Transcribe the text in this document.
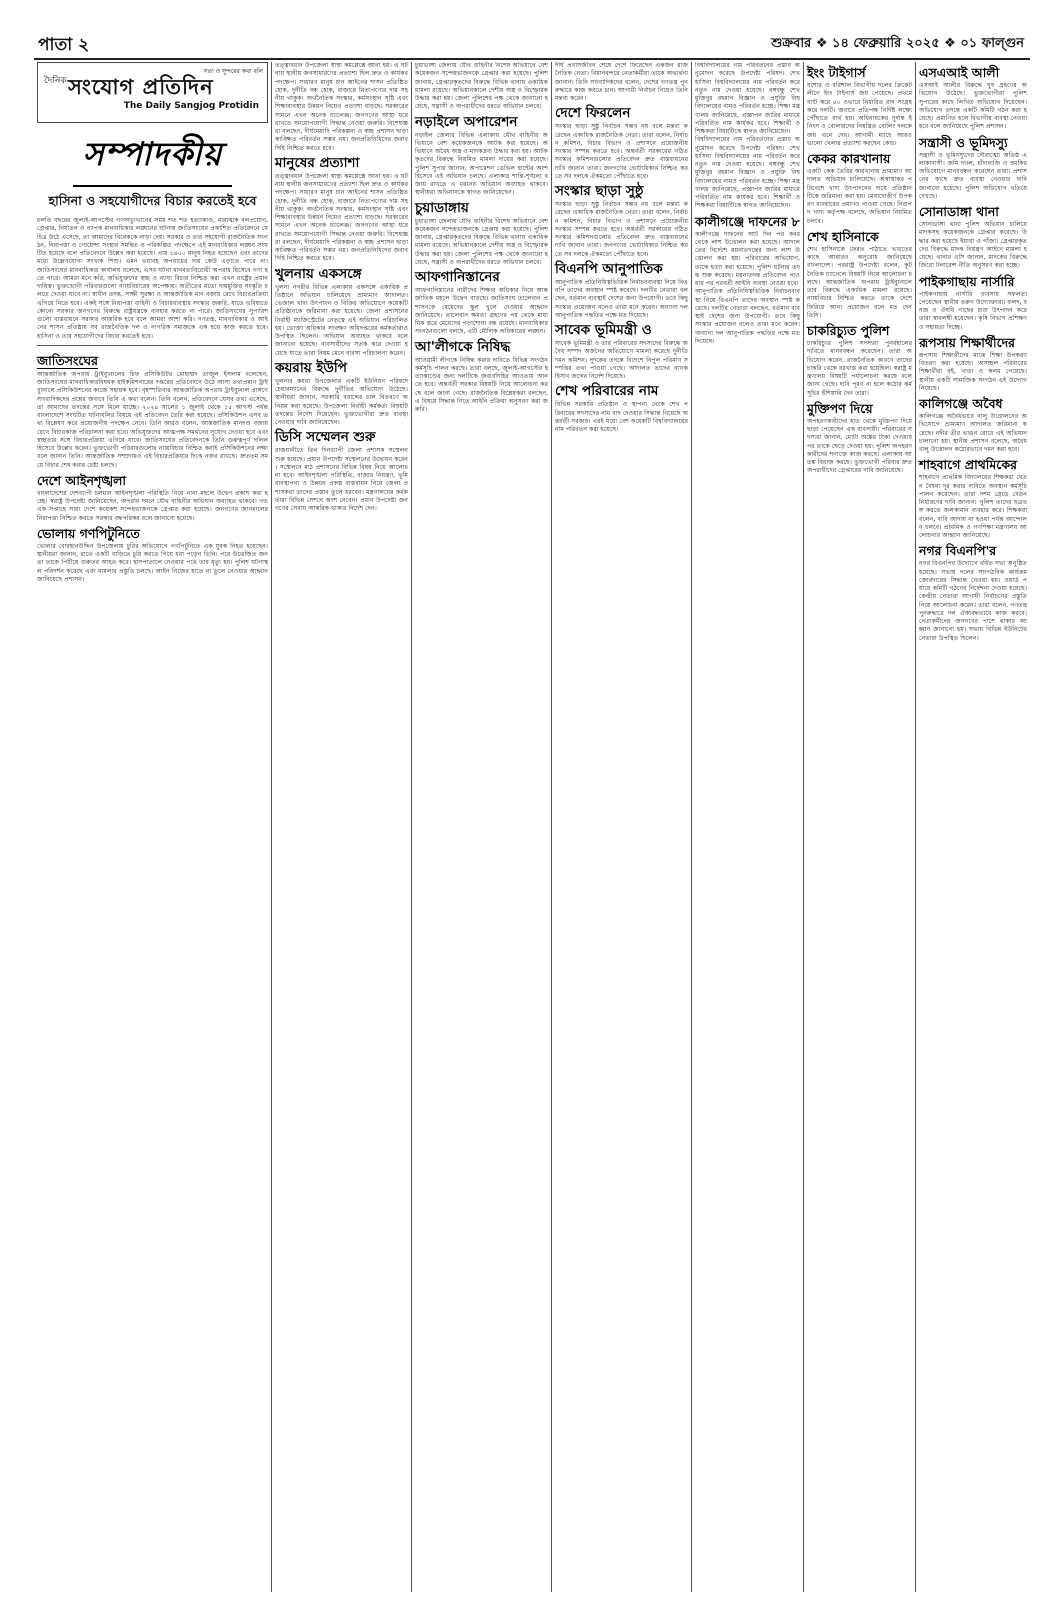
পাতা ২	শুক্রবার ❖ ১৪ ফেব্রুয়ারি ২০২৫ ❖ ০১ ফাল্গুন
সত্য ও সুন্দরের কথা বলি
দৈনিক সংযোগ প্রতিদিন
The Daily Sangjog Protidin
সম্পাদকীয়
হাসিনা ও সহযোগীদের বিচার করতেই হবে
চলতি বছরের জুলাই-আগস্টের গণঅভ্যুত্থানের সময় শত শত হত্যাকাণ্ড, মারাত্মক বলপ্রয়োগ, গ্রেপ্তার, নির্যাতন ও ব্যাপক মানবাধিকার লঙ্ঘনের ঘটনায় জাতিসংঘের প্রকাশিত প্রতিবেদনে যে চিত্র উঠে এসেছে, তা আমাদের বিবেককে নাড়া দেয়। সরকার ও তার সহযোগী রাজনৈতিক সংগঠন, নিরাপত্তা ও গোয়েন্দা সংস্থার সমন্বিত ও পরিকল্পিত পদক্ষেপে এই মানবাধিকার লঙ্ঘন সংঘটিত হয়েছে বলে প্রতিবেদনে উল্লেখ করা হয়েছে। প্রায় ১৪০০ মানুষ নিহত হয়েছেন এবং তাদের মধ্যে উল্লেখযোগ্য সংখ্যক শিশু। এমন ভয়াবহ অপরাধের দায় কেউ এড়াতে পারে না। জাতিসংঘের মানবাধিকার কার্যালয় বলেছে, এসব ঘটনা মানবতাবিরোধী অপরাধ হিসেবে গণ্য হতে পারে। আমরা মনে করি, অভিযুক্তদের স্বচ্ছ ও ন্যায্য বিচার নিশ্চিত করা এখন রাষ্ট্রের প্রধান দায়িত্ব। ভুক্তভোগী পরিবারগুলো ন্যায়বিচারের অপেক্ষায়। অতীতের মতো দায়মুক্তির সংস্কৃতি চলতে দেওয়া যাবে না। স্বাধীন তদন্ত, সাক্ষী সুরক্ষা ও আন্তর্জাতিক মান বজায় রেখে বিচারপ্রক্রিয়া এগিয়ে নিতে হবে। একই সঙ্গে নিরাপত্তা বাহিনী ও বিচারব্যবস্থার সংস্কার জরুরি, যাতে ভবিষ্যতে কোনো সরকার জনগণের বিরুদ্ধে রাষ্ট্রযন্ত্রকে ব্যবহার করতে না পারে। জাতিসংঘের সুপারিশগুলো বাস্তবায়নে সরকার আন্তরিক হবে বলে আমরা আশা করি। গণতন্ত্র, মানবাধিকার ও আইনের শাসন প্রতিষ্ঠায় সব রাজনৈতিক দল ও নাগরিক সমাজকে এক হয়ে কাজ করতে হবে। হাসিনা ও তার সহযোগীদের বিচার করতেই হবে।
জাতিসংঘের
আন্তর্জাতিক অপরাধ ট্রাইব্যুনালের চিফ প্রসিকিউটর মোহাম্মদ তাজুল ইসলাম বলেছেন, জাতিসংঘের মানবাধিকারবিষয়ক হাইকমিশনারের দপ্তরের প্রতিবেদনে উঠে আসা তথ্যপ্রমাণ ট্রাইব্যুনালে প্রসিকিউশনের কাজে সহায়ক হবে। বৃহস্পতিবার আন্তর্জাতিক অপরাধ ট্রাইব্যুনাল প্রাঙ্গণে সাংবাদিকদের প্রশ্নের জবাবে তিনি এ কথা বলেন। তিনি বলেন, প্রতিবেদনে যেসব তথ্য এসেছে, তা আমাদের তদন্তের সঙ্গে মিলে যাচ্ছে। ২০২৪ সালের ১ জুলাই থেকে ১৫ আগস্ট পর্যন্ত বাংলাদেশে সংঘটিত ঘটনাবলির বিষয়ে এই প্রতিবেদন তৈরি করা হয়েছে। প্রসিকিউশন এসব তথ্য বিশ্লেষণ করে প্রয়োজনীয় পদক্ষেপ নেবে। তিনি আরও বলেন, আন্তর্জাতিক মানদণ্ড বজায় রেখে বিচারকাজ পরিচালনা করা হবে। অভিযুক্তদের আত্মপক্ষ সমর্থনের সুযোগ দেওয়া হবে এবং স্বচ্ছতার সঙ্গে বিচারপ্রক্রিয়া এগিয়ে যাবে। জাতিসংঘের প্রতিবেদনকে তিনি গুরুত্বপূর্ণ দলিল হিসেবে উল্লেখ করেন। ভুক্তভোগী পরিবারগুলোর ন্যায়বিচার নিশ্চিত করাই প্রসিকিউশনের লক্ষ্য বলে জানান তিনি। আন্তর্জাতিক সম্প্রদায়ও এই বিচারপ্রক্রিয়ার দিকে নজর রাখছে। দ্রুততম সময়ে বিচার শেষ করার চেষ্টা চলছে।
দেশে আইনশৃঙ্খলা
বাংলাদেশের দেশব্যাপী চলমান আইনশৃঙ্খলা পরিস্থিতি নিয়ে নানা মহলে উদ্বেগ প্রকাশ করা হচ্ছে। স্বরাষ্ট্র উপদেষ্টা জানিয়েছেন, অপরাধ দমনে যৌথ বাহিনীর অভিযান অব্যাহত থাকবে। গত এক সপ্তাহে সারা দেশে কয়েকশ সন্দেহভাজনকে গ্রেপ্তার করা হয়েছে। জনগণের জানমালের নিরাপত্তা নিশ্চিত করতে সরকার বদ্ধপরিকর বলে জানানো হয়েছে।
ভোলায় গণপিটুনিতে
ভোলার বোরহানউদ্দিন উপজেলায় চুরির অভিযোগে গণপিটুনিতে এক যুবক নিহত হয়েছেন। স্থানীয়রা জানান, রাতে একটি বাড়িতে চুরি করতে গিয়ে ধরা পড়েন তিনি। পরে উত্তেজিত জনতা তাকে পিটিয়ে গুরুতর আহত করে। হাসপাতালে নেওয়ার পথে তার মৃত্যু হয়। পুলিশ ঘটনাস্থল পরিদর্শন করেছে এবং মামলার প্রস্তুতি চলছে। আইন নিজের হাতে না তুলে নেওয়ার আহ্বান জানিয়েছে প্রশাসন।
তত্ত্বাবধান উপজেলা স্বাস্থ্য কমপ্লেক্সে আনা হয়। এ ঘটনায় স্থানীয় জনসাধারণের প্রত্যাশা ছিল দ্রুত ও কার্যকর পদক্ষেপ। সাধারণ মানুষ চান আইনের শাসন প্রতিষ্ঠিত হোক, দুর্নীতি বন্ধ হোক, বাজারে নিত্যপণ্যের দাম সহনীয় থাকুক। অর্থনৈতিক সংস্কার, কর্মসংস্থান সৃষ্টি এবং শিক্ষাব্যবস্থার উন্নয়ন নিয়েও প্রত্যাশা বাড়ছে। সরকারের সামনে এখন অনেক চ্যালেঞ্জ। জনগণের আস্থা ধরে রাখতে সময়োপযোগী সিদ্ধান্ত নেওয়া জরুরি। বিশেষজ্ঞরা বলছেন, দীর্ঘমেয়াদি পরিকল্পনা ও স্বচ্ছ প্রশাসন ছাড়া কাঙ্ক্ষিত পরিবর্তন সম্ভব নয়। জনপ্রতিনিধিদের জবাবদিহি নিশ্চিত করতে হবে।
মানুষের প্রত্যাশা
তত্ত্বাবধান উপজেলা স্বাস্থ্য কমপ্লেক্সে আনা হয়। এ ঘটনায় স্থানীয় জনসাধারণের প্রত্যাশা ছিল দ্রুত ও কার্যকর পদক্ষেপ। সাধারণ মানুষ চান আইনের শাসন প্রতিষ্ঠিত হোক, দুর্নীতি বন্ধ হোক, বাজারে নিত্যপণ্যের দাম সহনীয় থাকুক। অর্থনৈতিক সংস্কার, কর্মসংস্থান সৃষ্টি এবং শিক্ষাব্যবস্থার উন্নয়ন নিয়েও প্রত্যাশা বাড়ছে। সরকারের সামনে এখন অনেক চ্যালেঞ্জ। জনগণের আস্থা ধরে রাখতে সময়োপযোগী সিদ্ধান্ত নেওয়া জরুরি। বিশেষজ্ঞরা বলছেন, দীর্ঘমেয়াদি পরিকল্পনা ও স্বচ্ছ প্রশাসন ছাড়া কাঙ্ক্ষিত পরিবর্তন সম্ভব নয়। জনপ্রতিনিধিদের জবাবদিহি নিশ্চিত করতে হবে।
খুলনায় একসঙ্গে
খুলনা নগরীর বিভিন্ন এলাকায় একসঙ্গে একাধিক প্রতিষ্ঠানে অভিযান চালিয়েছে ভ্রাম্যমাণ আদালত। ভেজাল খাদ্য উৎপাদন ও বিক্রির অভিযোগে কয়েকটি প্রতিষ্ঠানকে জরিমানা করা হয়েছে। জেলা প্রশাসনের নির্বাহী ম্যাজিস্ট্রেটের নেতৃত্বে এই অভিযান পরিচালিত হয়। ভোক্তা অধিকার সংরক্ষণ অধিদপ্তরের কর্মকর্তারাও উপস্থিত ছিলেন। অভিযান অব্যাহত থাকবে বলে জানানো হয়েছে। ব্যবসায়ীদের সতর্ক করে দেওয়া হয়েছে যাতে তারা নিয়ম মেনে ব্যবসা পরিচালনা করেন।
কয়রায় ইউপি
খুলনার কয়রা উপজেলার একটি ইউনিয়ন পরিষদে চেয়ারম্যানের বিরুদ্ধে দুর্নীতির অভিযোগ উঠেছে। স্থানীয়রা জানান, সরকারি বরাদ্দের চাল বিতরণে অনিয়ম করা হয়েছে। উপজেলা নির্বাহী কর্মকর্তা বিষয়টি তদন্তের নির্দেশ দিয়েছেন। ভুক্তভোগীরা দ্রুত ব্যবস্থা নেওয়ার দাবি জানিয়েছেন।
ডিসি সম্মেলন শুরু
রাজধানীতে তিন দিনব্যাপী জেলা প্রশাসক সম্মেলন শুরু হয়েছে। প্রধান উপদেষ্টা সম্মেলনের উদ্বোধন করেন। সম্মেলনে মাঠ প্রশাসনের বিভিন্ন বিষয় নিয়ে আলোচনা হবে। আইনশৃঙ্খলা পরিস্থিতি, বাজার নিয়ন্ত্রণ, ভূমি ব্যবস্থাপনা ও উন্নয়ন প্রকল্প বাস্তবায়ন নিয়ে জেলা প্রশাসকরা তাদের প্রস্তাব তুলে ধরবেন। মন্ত্রণালয়ের কর্মকর্তারা বিভিন্ন সেশনে অংশ নেবেন। প্রধান উপদেষ্টা জনগণের সেবায় আন্তরিক থাকার নির্দেশ দেন।
চুয়াডাঙ্গা জেলায় যৌথ বাহিনীর বিশেষ অভিযানে বেশ কয়েকজন সন্দেহভাজনকে গ্রেপ্তার করা হয়েছে। পুলিশ জানায়, গ্রেপ্তারকৃতদের বিরুদ্ধে বিভিন্ন থানায় একাধিক মামলা রয়েছে। অভিযানকালে দেশীয় অস্ত্র ও বিস্ফোরক উদ্ধার করা হয়। জেলা পুলিশের পক্ষ থেকে জানানো হয়েছে, সন্ত্রাসী ও অপরাধীদের ধরতে অভিযান চলবে।
নড়াইলে অপারেশন
নড়াইল জেলার বিভিন্ন এলাকায় যৌথ বাহিনীর অভিযানে বেশ কয়েকজনকে আটক করা হয়েছে। অভিযানে অবৈধ অস্ত্র ও মাদকদ্রব্য উদ্ধার করা হয়। আটককৃতদের বিরুদ্ধে নিয়মিত মামলা দায়ের করা হয়েছে। পুলিশ সুপার জানান, অপারেশন ডেভিল হান্টের অংশ হিসেবে এই অভিযান চলছে। এলাকার শান্তি-শৃঙ্খলা বজায় রাখতে এ ধরনের অভিযান অব্যাহত থাকবে। স্থানীয়রা অভিযানকে স্বাগত জানিয়েছেন।
চুয়াডাঙ্গায়
চুয়াডাঙ্গা জেলায় যৌথ বাহিনীর বিশেষ অভিযানে বেশ কয়েকজন সন্দেহভাজনকে গ্রেপ্তার করা হয়েছে। পুলিশ জানায়, গ্রেপ্তারকৃতদের বিরুদ্ধে বিভিন্ন থানায় একাধিক মামলা রয়েছে। অভিযানকালে দেশীয় অস্ত্র ও বিস্ফোরক উদ্ধার করা হয়। জেলা পুলিশের পক্ষ থেকে জানানো হয়েছে, সন্ত্রাসী ও অপরাধীদের ধরতে অভিযান চলবে।
আফগানিস্তানের
আফগানিস্তানের নারীদের শিক্ষার অধিকার নিয়ে আন্তর্জাতিক মহলে উদ্বেগ বাড়ছে। জাতিসংঘ তালেবান প্রশাসনকে মেয়েদের স্কুল খুলে দেওয়ার আহ্বান জানিয়েছে। তালেবান ক্ষমতা গ্রহণের পর থেকে মাধ্যমিক স্তরে মেয়েদের পড়াশোনা বন্ধ রয়েছে। মানবাধিকার সংগঠনগুলো বলছে, এটি মৌলিক অধিকারের লঙ্ঘন।
আ'লীগকে নিষিদ্ধ
আওয়ামী লীগকে নিষিদ্ধ করার দাবিতে বিভিন্ন সংগঠন কর্মসূচি পালন করছে। তারা বলছে, জুলাই-আগস্টের হত্যাকাণ্ডের জন্য দলটিকে জবাবদিহির আওতায় আনতে হবে। অন্তর্বর্তী সরকার বিষয়টি নিয়ে আলোচনা করছে বলে জানা গেছে। রাজনৈতিক বিশ্লেষকরা বলছেন, এ বিষয়ে সিদ্ধান্ত নিতে আইনি প্রক্রিয়া অনুসরণ করা জরুরি।
দীর্ঘ প্রবাসজীবন শেষে দেশে ফিরেছেন একজন রাজনৈতিক নেতা। বিমানবন্দরে নেতাকর্মীরা তাকে অভ্যর্থনা জানান। তিনি সাংবাদিকদের বলেন, দেশের গণতন্ত্র পুনরুদ্ধারে কাজ করতে চান। আগামী নির্বাচন নিয়েও তিনি মন্তব্য করেন।
দেশে ফিরলেন
সংস্কার ছাড়া সুষ্ঠু নির্বাচন সম্ভব নয় বলে মন্তব্য করেছেন একাধিক রাজনৈতিক নেতা। তারা বলেন, নির্বাচন কমিশন, বিচার বিভাগ ও প্রশাসনে প্রয়োজনীয় সংস্কার সম্পন্ন করতে হবে। অন্তর্বর্তী সরকারের গঠিত সংস্কার কমিশনগুলোর প্রতিবেদন দ্রুত বাস্তবায়নের দাবি জানান তারা। জনগণের ভোটাধিকার নিশ্চিত করতে সব দলকে ঐকমত্যে পৌঁছাতে হবে।
সংস্কার ছাড়া সুষ্ঠু
সংস্কার ছাড়া সুষ্ঠু নির্বাচন সম্ভব নয় বলে মন্তব্য করেছেন একাধিক রাজনৈতিক নেতা। তারা বলেন, নির্বাচন কমিশন, বিচার বিভাগ ও প্রশাসনে প্রয়োজনীয় সংস্কার সম্পন্ন করতে হবে। অন্তর্বর্তী সরকারের গঠিত সংস্কার কমিশনগুলোর প্রতিবেদন দ্রুত বাস্তবায়নের দাবি জানান তারা। জনগণের ভোটাধিকার নিশ্চিত করতে সব দলকে ঐকমত্যে পৌঁছাতে হবে।
বিএনপি আনুপাতিক
আনুপাতিক প্রতিনিধিত্বভিত্তিক নির্বাচনব্যবস্থা নিয়ে বিএনপি তাদের অবস্থান স্পষ্ট করেছে। দলটির নেতারা বলছেন, বর্তমান ব্যবস্থাই দেশের জন্য উপযোগী। তবে কিছু সংস্কার প্রয়োজন বলেও তারা মনে করেন। অন্যান্য দল আনুপাতিক পদ্ধতির পক্ষে মত দিয়েছে।
সাবেক ভূমিমন্ত্রী ও
সাবেক ভূমিমন্ত্রী ও তার পরিবারের সদস্যদের বিরুদ্ধে অবৈধ সম্পদ অর্জনের অভিযোগে মামলা করেছে দুর্নীতি দমন কমিশন। দুদকের তদন্তে বিদেশে বিপুল পরিমাণ সম্পত্তির তথ্য পাওয়া গেছে। আদালত তাদের ব্যাংক হিসাব জব্দের নির্দেশ দিয়েছে।
শেখ পরিবারের নাম
বিভিন্ন সরকারি প্রতিষ্ঠান ও স্থাপনা থেকে শেখ পরিবারের সদস্যদের নাম বাদ দেওয়ার সিদ্ধান্ত নিয়েছে অন্তর্বর্তী সরকার। এরই মধ্যে বেশ কয়েকটি বিশ্ববিদ্যালয়ের নাম পরিবর্তন করা হয়েছে।
বিশ্ববিদ্যালয়ের নাম পরিবর্তনের প্রস্তাব অনুমোদন করেছে উপদেষ্টা পরিষদ। শেখ হাসিনা বিশ্ববিদ্যালয়ের নাম পরিবর্তন করে নতুন নাম দেওয়া হয়েছে। বঙ্গবন্ধু শেখ মুজিবুর রহমান বিজ্ঞান ও প্রযুক্তি বিশ্ববিদ্যালয়ের নামও পরিবর্তন হচ্ছে। শিক্ষা মন্ত্রণালয় জানিয়েছে, প্রজ্ঞাপন জারির মাধ্যমে পরিবর্তিত নাম কার্যকর হবে। শিক্ষার্থী ও শিক্ষকরা বিষয়টিকে স্বাগত জানিয়েছেন।
বিশ্ববিদ্যালয়ের নাম পরিবর্তনের প্রস্তাব অনুমোদন করেছে উপদেষ্টা পরিষদ। শেখ হাসিনা বিশ্ববিদ্যালয়ের নাম পরিবর্তন করে নতুন নাম দেওয়া হয়েছে। বঙ্গবন্ধু শেখ মুজিবুর রহমান বিজ্ঞান ও প্রযুক্তি বিশ্ববিদ্যালয়ের নামও পরিবর্তন হচ্ছে। শিক্ষা মন্ত্রণালয় জানিয়েছে, প্রজ্ঞাপন জারির মাধ্যমে পরিবর্তিত নাম কার্যকর হবে। শিক্ষার্থী ও শিক্ষকরা বিষয়টিকে স্বাগত জানিয়েছেন।
কালীগঞ্জে দাফনের ৮
কালীগঞ্জে দাফনের আট দিন পর কবর থেকে লাশ উত্তোলন করা হয়েছে। আদালতের নির্দেশে ময়নাতদন্তের জন্য লাশ উত্তোলন করা হয়। পরিবারের অভিযোগ, তাকে হত্যা করা হয়েছে। পুলিশ ঘটনার তদন্ত শুরু করেছে। ময়নাতদন্ত প্রতিবেদন পাওয়ার পর পরবর্তী আইনি ব্যবস্থা নেওয়া হবে।
আনুপাতিক প্রতিনিধিত্বভিত্তিক নির্বাচনব্যবস্থা নিয়ে বিএনপি তাদের অবস্থান স্পষ্ট করেছে। দলটির নেতারা বলছেন, বর্তমান ব্যবস্থাই দেশের জন্য উপযোগী। তবে কিছু সংস্কার প্রয়োজন বলেও তারা মনে করেন। অন্যান্য দল আনুপাতিক পদ্ধতির পক্ষে মত দিয়েছে।
ইংং টাইগার্স
যশোর ও বরিশাল বিভাগীয় দলের ক্রিকেট লীগে ইংং টাইগার্স জয় পেয়েছে। প্রথমে ব্যাট করে ৫০ ওভারে নির্ধারিত রান সংগ্রহ করে দলটি। জবাবে প্রতিপক্ষ নির্দিষ্ট লক্ষ্যে পৌঁছাতে ব্যর্থ হয়। অধিনায়কের দুর্দান্ত ইনিংস ও বোলারদের নিয়ন্ত্রিত বোলিং দলকে জয় এনে দেয়। আগামী ম্যাচে আরও ভালো খেলার প্রত্যাশা করছেন কোচ।
কেকর কারখানায়
একটি কেক তৈরির কারখানায় ভ্রাম্যমাণ আদালত অভিযান চালিয়েছে। অস্বাস্থ্যকর পরিবেশে খাদ্য উৎপাদনের দায়ে প্রতিষ্ঠানটিকে জরিমানা করা হয়। মেয়াদোত্তীর্ণ উপকরণ ব্যবহারের প্রমাণও পাওয়া গেছে। নিরাপদ খাদ্য কর্তৃপক্ষ বলেছে, অভিযান নিয়মিত চলবে।
শেখ হাসিনাকে
শেখ হাসিনাকে ফেরত পাঠাতে ভারতের কাছে আবারও অনুরোধ জানিয়েছে বাংলাদেশ। পররাষ্ট্র উপদেষ্টা বলেন, কূটনৈতিক চ্যানেলে বিষয়টি নিয়ে আলোচনা চলছে। আন্তর্জাতিক অপরাধ ট্রাইব্যুনালে তার বিরুদ্ধে একাধিক মামলা রয়েছে। ন্যায়বিচার নিশ্চিত করতে তাকে দেশে ফিরিয়ে আনা প্রয়োজন বলে মত দেন তিনি।
চাকরিচ্যুত পুলিশ
চাকরিচ্যুত পুলিশ সদস্যরা পুনর্বহালের দাবিতে মানববন্ধন করেছেন। তারা অভিযোগ করেন, রাজনৈতিক কারণে তাদের চাকরি থেকে বরখাস্ত করা হয়েছিল। স্বরাষ্ট্র মন্ত্রণালয় বিষয়টি পর্যালোচনা করছে বলে জানা গেছে। দাবি পূরণ না হলে কঠোর কর্মসূচির হুঁশিয়ারি দেন তারা।
মুক্তিপণ দিয়ে
অপহরণকারীদের হাত থেকে মুক্তিপণ দিয়ে ছাড়া পেয়েছেন এক ব্যবসায়ী। পরিবারের সদস্যরা জানান, মোটা অঙ্কের টাকা দেওয়ার পর তাকে ছেড়ে দেওয়া হয়। পুলিশ অপহরণকারীদের শনাক্তে কাজ করছে। এলাকায় আতঙ্ক বিরাজ করছে। ভুক্তভোগী পরিবার দ্রুত অপরাধীদের গ্রেপ্তারের দাবি জানিয়েছে।
এসএআই আলী
এসআই আলীর বিরুদ্ধে ঘুষ গ্রহণের অভিযোগ উঠেছে। ভুক্তভোগীরা পুলিশ সুপারের কাছে লিখিত অভিযোগ দিয়েছেন। অভিযোগ তদন্তে একটি কমিটি গঠন করা হয়েছে। প্রমাণিত হলে বিভাগীয় ব্যবস্থা নেওয়া হবে বলে জানিয়েছে পুলিশ প্রশাসন।
সন্ত্রাসী ও ভূমিদস্যু
সন্ত্রাসী ও ভূমিদস্যুদের দৌরাত্ম্যে অতিষ্ঠ এলাকাবাসী। জমি দখল, চাঁদাবাজি ও হুমকির অভিযোগে মানববন্ধন করেছেন তারা। প্রশাসনের কাছে দ্রুত ব্যবস্থা নেওয়ার দাবি জানানো হয়েছে। পুলিশ অভিযোগ খতিয়ে দেখছে।
সোনাডাঙ্গা থানা
সোনাডাঙ্গা থানা পুলিশ অভিযান চালিয়ে মাদকসহ কয়েকজনকে গ্রেপ্তার করেছে। উদ্ধার করা হয়েছে ইয়াবা ও গাঁজা। গ্রেপ্তারকৃতদের বিরুদ্ধে মাদক নিয়ন্ত্রণ আইনে মামলা হয়েছে। থানার ওসি জানান, মাদকের বিরুদ্ধে জিরো টলারেন্স নীতি অনুসরণ করা হচ্ছে।
পাইকগাছায় নার্সারি
পাইকগাছায় নার্সারি ব্যবসায় সফলতা পেয়েছেন স্থানীয় তরুণ উদ্যোক্তারা। ফলদ, বনজ ও ঔষধি গাছের চারা উৎপাদন করে তারা স্বাবলম্বী হয়েছেন। কৃষি বিভাগ প্রশিক্ষণ ও সহায়তা দিচ্ছে।
রূপসায় শিক্ষার্থীদের
রূপসায় শিক্ষার্থীদের মাঝে শিক্ষা উপকরণ বিতরণ করা হয়েছে। অসচ্ছল পরিবারের শিক্ষার্থীরা বই, খাতা ও কলম পেয়েছে। স্থানীয় একটি সামাজিক সংগঠন এই উদ্যোগ নিয়েছে।
কালিগঞ্জে অবৈধ
কালিগঞ্জে অবৈধভাবে বালু উত্তোলনের অভিযোগে ভ্রাম্যমাণ আদালত জরিমানা করেছে। নদীর তীর ভাঙন রোধে এই অভিযান চালানো হয়। স্থানীয় প্রশাসন বলেছে, অবৈধ বালু উত্তোলন কঠোরভাবে দমন করা হবে।
শাহবাগে প্রাথমিকের
শাহবাগে প্রাথমিক বিদ্যালয়ের শিক্ষকরা বেতন বৈষম্য দূর করার দাবিতে অবস্থান কর্মসূচি পালন করেছেন। তারা দশম গ্রেডে বেতন নির্ধারণের দাবি জানান। পুলিশ তাদের ছত্রভঙ্গ করতে জলকামান ব্যবহার করে। শিক্ষকরা বলেন, দাবি আদায় না হওয়া পর্যন্ত আন্দোলন চলবে। প্রাথমিক ও গণশিক্ষা মন্ত্রণালয় আলোচনার আহ্বান জানিয়েছে।
নগর বিএনপি'র
নগর বিএনপির উদ্যোগে বর্ধিত সভা অনুষ্ঠিত হয়েছে। সভায় দলের সাংগঠনিক কার্যক্রম জোরদারের সিদ্ধান্ত নেওয়া হয়। ওয়ার্ড পর্যায়ে কমিটি গঠনের নির্দেশনা দেওয়া হয়েছে। কেন্দ্রীয় নেতারা আগামী নির্বাচনের প্রস্তুতি নিয়ে আলোচনা করেন। তারা বলেন, গণতন্ত্র পুনরুদ্ধারে দল ঐক্যবদ্ধভাবে কাজ করবে। নেতাকর্মীদের জনগণের পাশে থাকার আহ্বান জানানো হয়। সভায় বিভিন্ন ইউনিটের নেতারা উপস্থিত ছিলেন।
